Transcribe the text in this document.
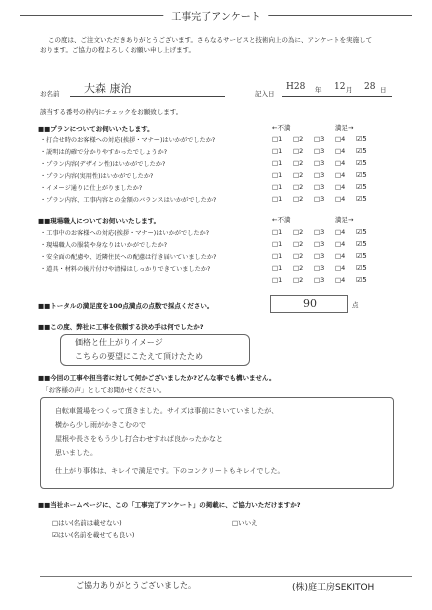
工事完了アンケート
この度は、ご注文いただきありがとうございます。さらなるサービスと技術向上の為に、アンケートを実施して
おります。ご協力の程よろしくお願い申し上げます。
お名前 大森 康治	記入日
H28 年 12 月 28 日
該当する番号の枠内にチェックをお願致します。
■■プランについてお伺いいたします。	←不満	満足→
・打合せ時のお客様への対応(挨拶・マナー)はいかがでしたか?	□1 □2 □3 □4 ☑5
・説明は的確で分かりやすかったでしょうか?	□1 □2 □3 □4 ☑5
・プラン内容(デザイン性)はいかがでしたか?	□1 □2 □3 □4 ☑5
・プラン内容(実用性)はいかがでしたか?	□1 □2 □3 □4 ☑5
・イメージ通りに仕上がりましたか?	□1 □2 □3 □4 ☑5
・プラン内容、工事内容との金額のバランスはいかがでしたか?	□1 □2 □3 □4 ☑5
■■現場職人についてお伺いいたします。	←不満	満足→
・工事中のお客様への対応(挨拶・マナー)はいかがでしたか?	□1 □2 □3 □4 ☑5
・現場職人の服装や身なりはいかがでしたか?	□1 □2 □3 □4 ☑5
・安全面の配慮や、近隣住民への配慮は行き届いていましたか?	□1 □2 □3 □4 ☑5
・道具・材料の後片付けや清掃はしっかりできていましたか?	□1 □2 □3 □4 ☑5
□1 □2 □3 □4 ☑5
■■トータルの満足度を100点満点の点数で採点ください。	90	点
■■この度、弊社に工事を依頼する決め手は何でしたか?
価格と仕上がりイメージ
こちらの要望にこたえて頂けたため
■■今回の工事や担当者に対して何かございましたか?どんな事でも構いません。
「お客様の声」としてお聞かせください。
自転車置場をつくって頂きました。サイズは事前にきいていましたが、
横から少し雨がかきこむので
屋根や長さをもう少し打合わせすれば良かったかなと
思いました。
仕上がり事体は、キレイで満足です。下のコンクリートもキレイでした。
■■当社ホームページに、この「工事完了アンケート」の掲載に、ご協力いただけますか?
□はい(名前は載せない)	□いいえ
☑はい(名前を載せても良い)
ご協力ありがとうございました。	(株)庭工房SEKITOH
